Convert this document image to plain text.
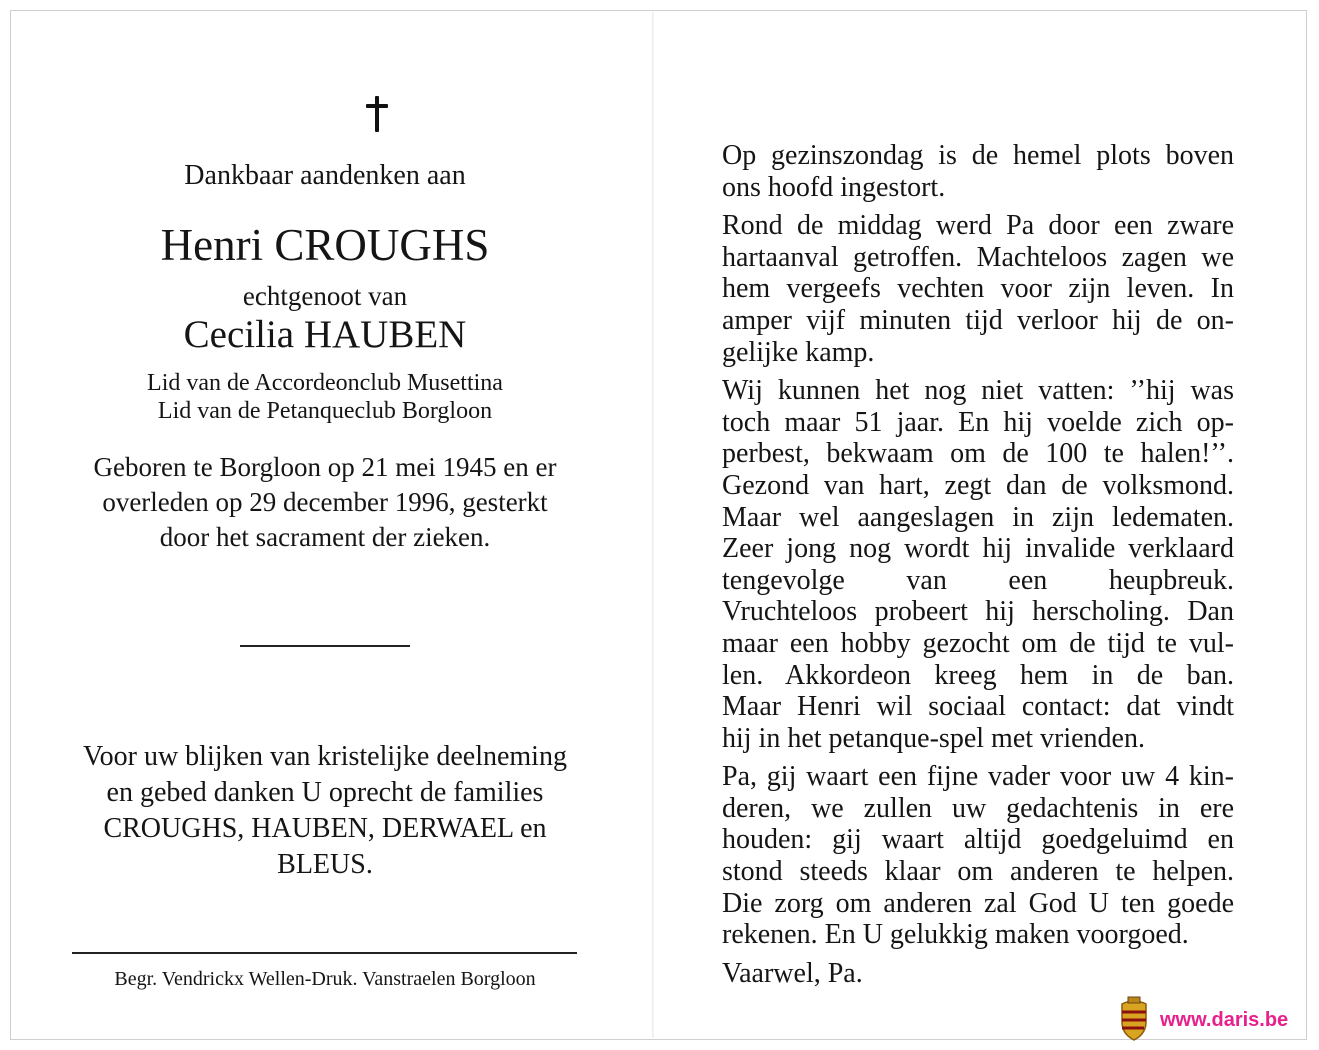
Dankbaar aandenken aan
Henri CROUGHS
echtgenoot van
Cecilia HAUBEN
Lid van de Accordeonclub Musettina
Lid van de Petanqueclub Borgloon
Geboren te Borgloon op 21 mei 1945 en er
overleden op 29 december 1996, gesterkt
door het sacrament der zieken.
Voor uw blijken van kristelijke deelneming
en gebed danken U oprecht de families
CROUGHS, HAUBEN, DERWAEL en
BLEUS.
Begr. Vendrickx Wellen-Druk. Vanstraelen Borgloon
Op gezinszondag is de hemel plots boven
ons hoofd ingestort.
Rond de middag werd Pa door een zware
hartaanval getroffen. Machteloos zagen we
hem vergeefs vechten voor zijn leven. In
amper vijf minuten tijd verloor hij de on-
gelijke kamp.
Wij kunnen het nog niet vatten: ’’hij was
toch maar 51 jaar. En hij voelde zich op-
perbest, bekwaam om de 100 te halen!’’.
Gezond van hart, zegt dan de volksmond.
Maar wel aangeslagen in zijn ledematen.
Zeer jong nog wordt hij invalide verklaard
tengevolge van een heupbreuk.
Vruchteloos probeert hij herscholing. Dan
maar een hobby gezocht om de tijd te vul-
len. Akkordeon kreeg hem in de ban.
Maar Henri wil sociaal contact: dat vindt
hij in het petanque-spel met vrienden.
Pa, gij waart een fijne vader voor uw 4 kin-
deren, we zullen uw gedachtenis in ere
houden: gij waart altijd goedgeluimd en
stond steeds klaar om anderen te helpen.
Die zorg om anderen zal God U ten goede
rekenen. En U gelukkig maken voorgoed.
Vaarwel, Pa.
www.daris.be
